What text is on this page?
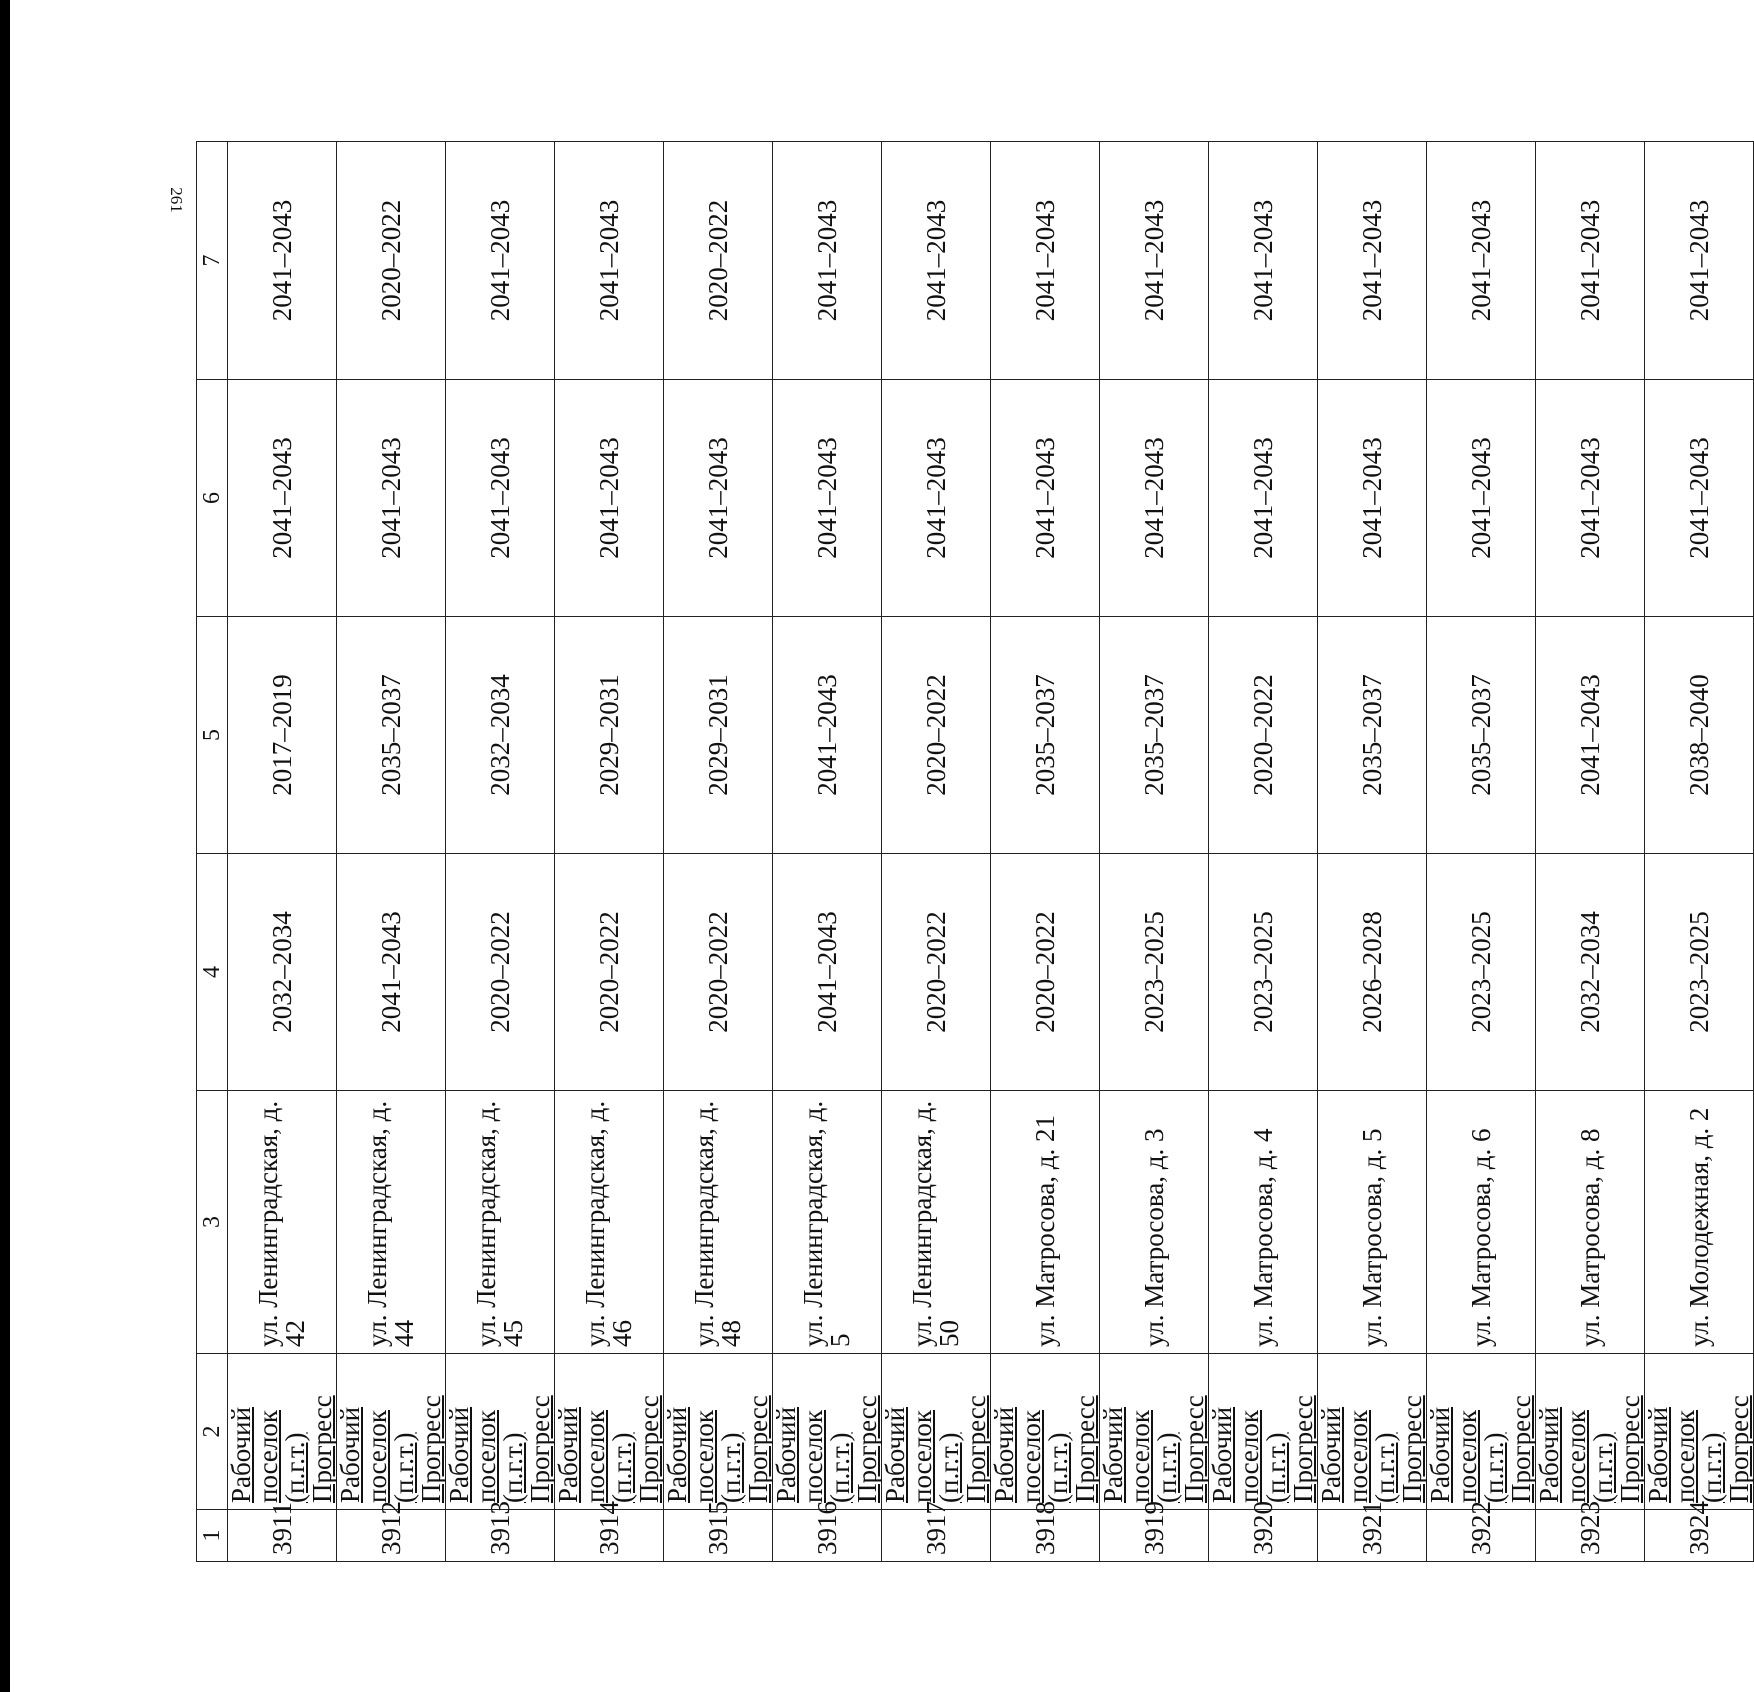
261
1	2	3	4	5	6	7
3911	Рабочий поселок (п.г.т.) Прогресс	ул. Ленинградская, д. 42	2032–2034	2017–2019	2041–2043	2041–2043
3912	Рабочий поселок (п.г.т.) Прогресс	ул. Ленинградская, д. 44	2041–2043	2035–2037	2041–2043	2020–2022
3913	Рабочий поселок (п.г.т.) Прогресс	ул. Ленинградская, д. 45	2020–2022	2032–2034	2041–2043	2041–2043
3914	Рабочий поселок (п.г.т.) Прогресс	ул. Ленинградская, д. 46	2020–2022	2029–2031	2041–2043	2041–2043
3915	Рабочий поселок (п.г.т.) Прогресс	ул. Ленинградская, д. 48	2020–2022	2029–2031	2041–2043	2020–2022
3916	Рабочий поселок (п.г.т.) Прогресс	ул. Ленинградская, д. 5	2041–2043	2041–2043	2041–2043	2041–2043
3917	Рабочий поселок (п.г.т.) Прогресс	ул. Ленинградская, д. 50	2020–2022	2020–2022	2041–2043	2041–2043
3918	Рабочий поселок (п.г.т.) Прогресс	ул. Матросова, д. 21	2020–2022	2035–2037	2041–2043	2041–2043
3919	Рабочий поселок (п.г.т.) Прогресс	ул. Матросова, д. 3	2023–2025	2035–2037	2041–2043	2041–2043
3920	Рабочий поселок (п.г.т.) Прогресс	ул. Матросова, д. 4	2023–2025	2020–2022	2041–2043	2041–2043
3921	Рабочий поселок (п.г.т.) Прогресс	ул. Матросова, д. 5	2026–2028	2035–2037	2041–2043	2041–2043
3922	Рабочий поселок (п.г.т.) Прогресс	ул. Матросова, д. 6	2023–2025	2035–2037	2041–2043	2041–2043
3923	Рабочий поселок (п.г.т.) Прогресс	ул. Матросова, д. 8	2032–2034	2041–2043	2041–2043	2041–2043
3924	Рабочий поселок (п.г.т.) Прогресс	ул. Молодежная, д. 2	2023–2025	2038–2040	2041–2043	2041–2043
